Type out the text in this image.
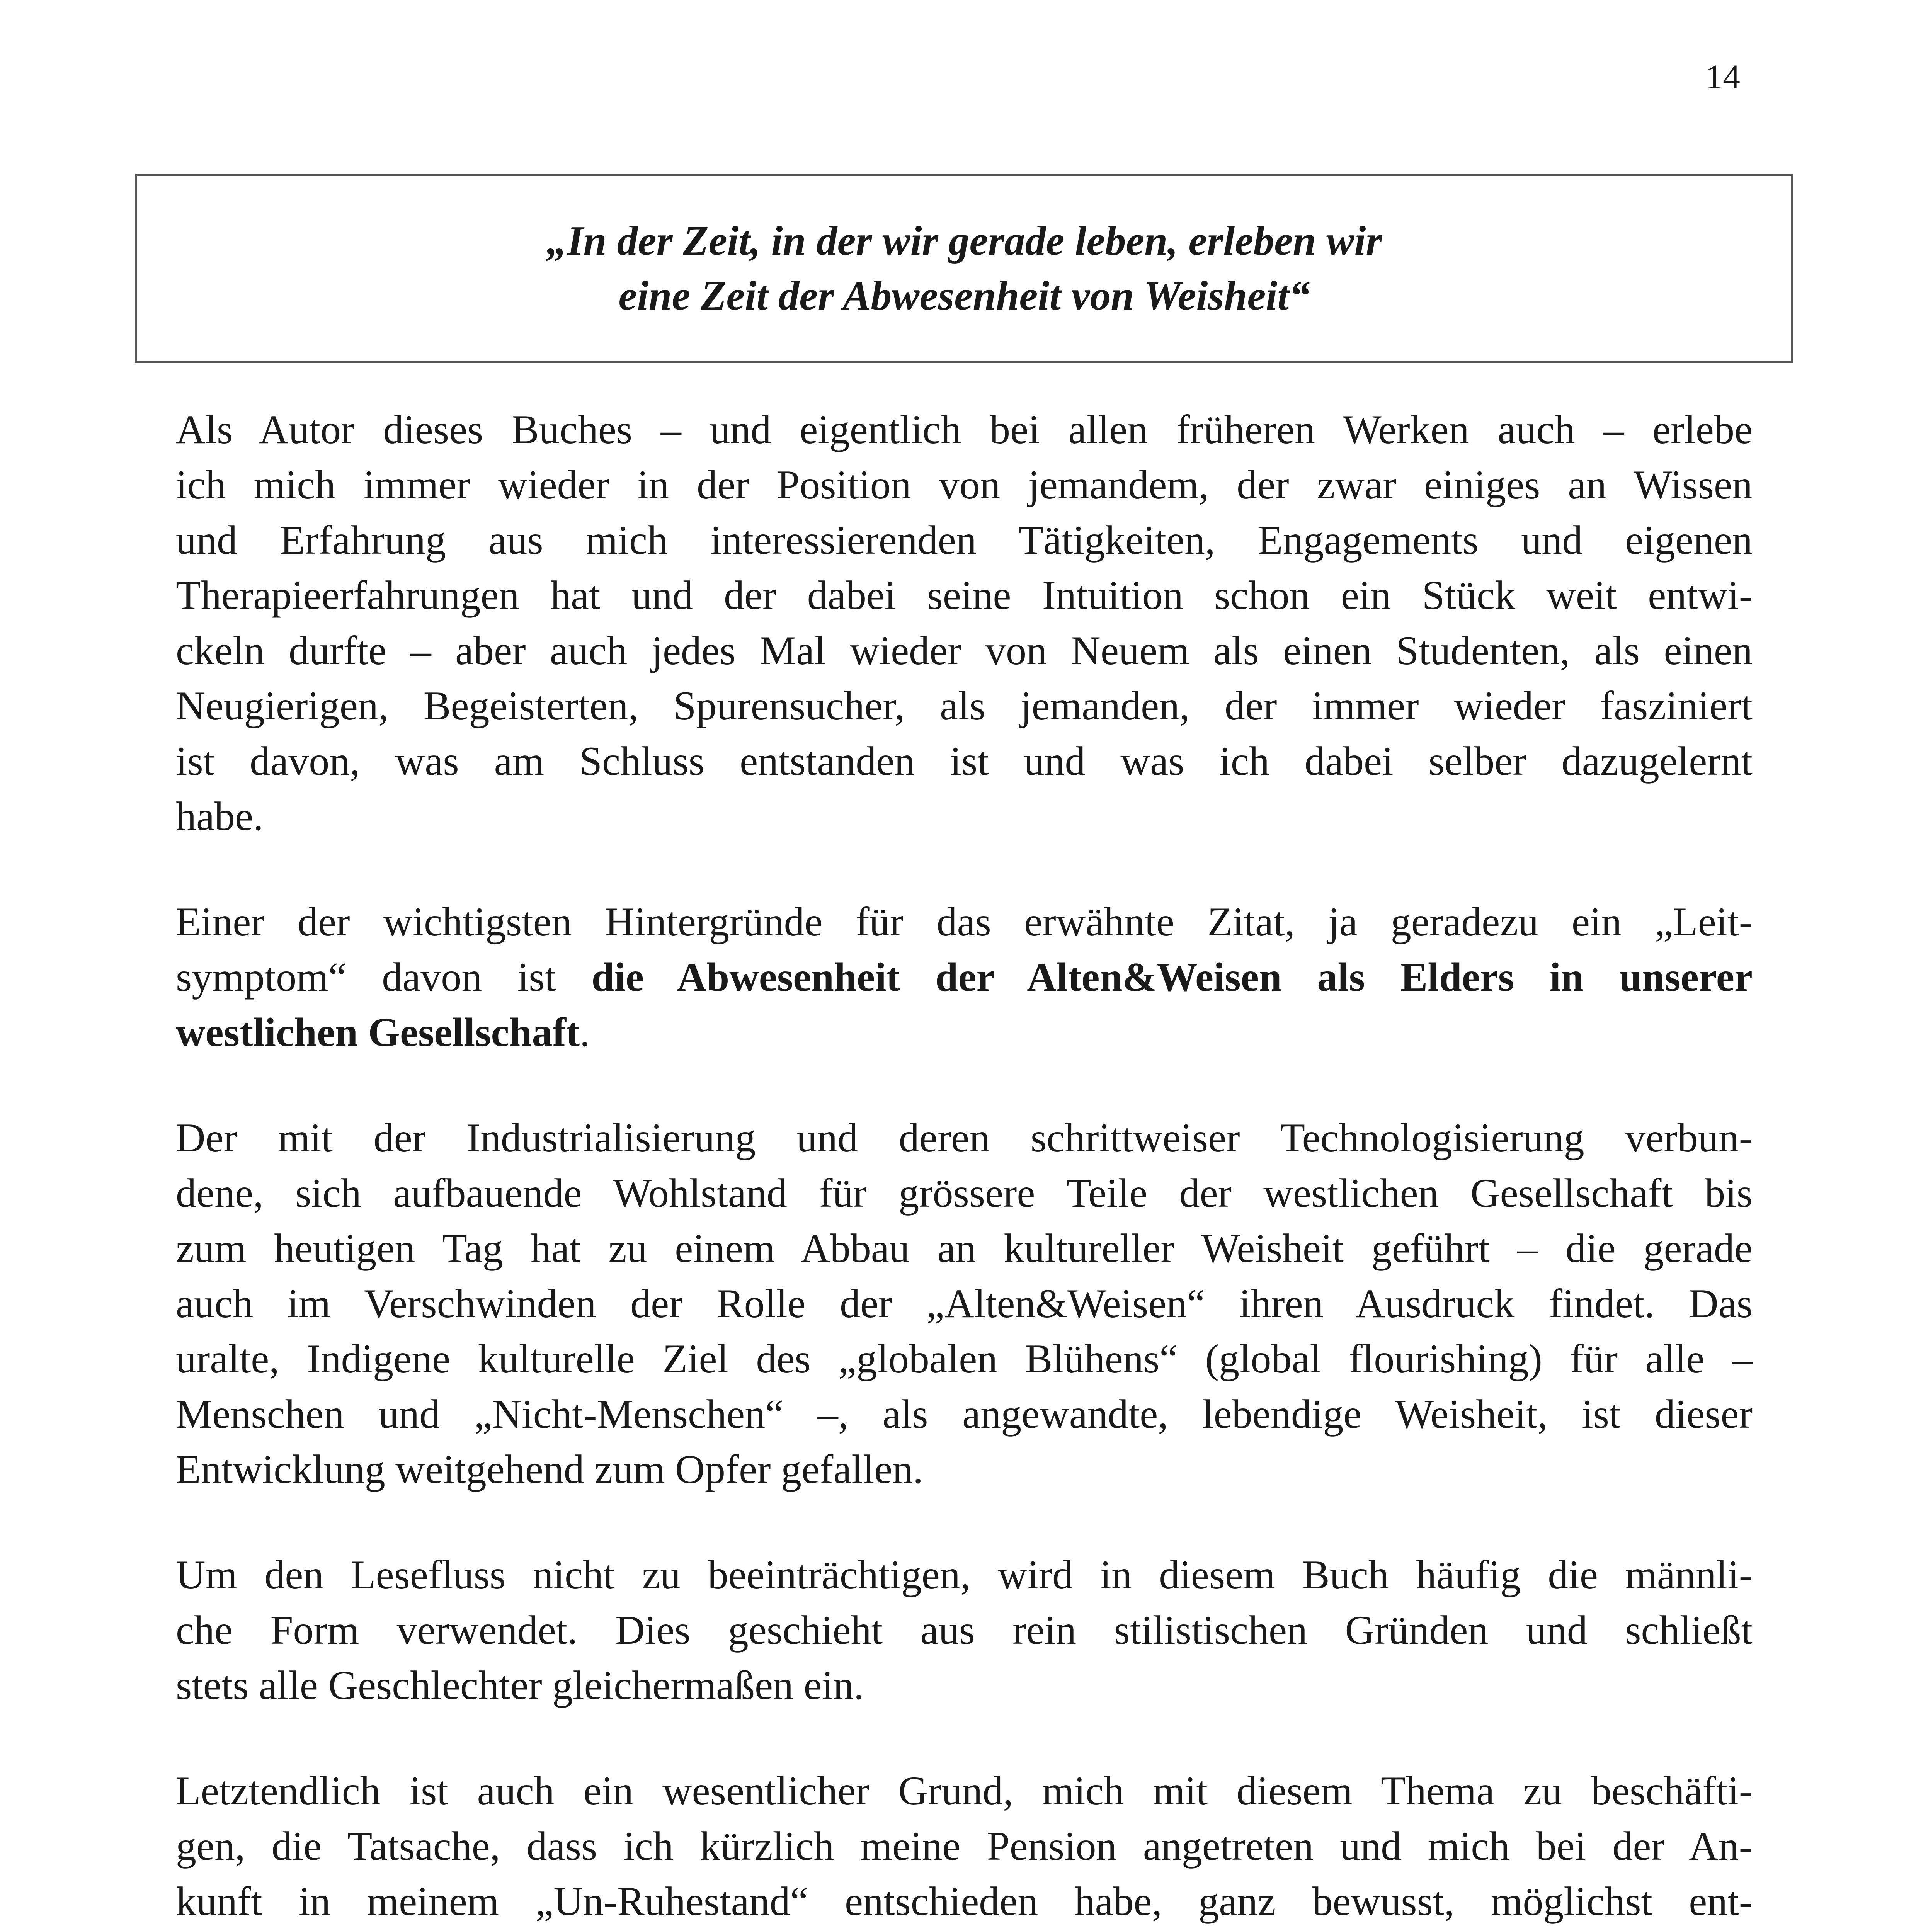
14
„In der Zeit, in der wir gerade leben, erleben wir
eine Zeit der Abwesenheit von Weisheit“
Als Autor dieses Buches – und eigentlich bei allen früheren Werken auch – erlebe
ich mich immer wieder in der Position von jemandem, der zwar einiges an Wissen
und Erfahrung aus mich interessierenden Tätigkeiten, Engagements und eigenen
Therapieerfahrungen hat und der dabei seine Intuition schon ein Stück weit entwi-
ckeln durfte – aber auch jedes Mal wieder von Neuem als einen Studenten, als einen
Neugierigen, Begeisterten, Spurensucher, als jemanden, der immer wieder fasziniert
ist davon, was am Schluss entstanden ist und was ich dabei selber dazugelernt
habe.
Einer der wichtigsten Hintergründe für das erwähnte Zitat, ja geradezu ein „Leit-
symptom“ davon ist die Abwesenheit der Alten&Weisen als Elders in unserer
westlichen Gesellschaft.
Der mit der Industrialisierung und deren schrittweiser Technologisierung verbun-
dene, sich aufbauende Wohlstand für grössere Teile der westlichen Gesellschaft bis
zum heutigen Tag hat zu einem Abbau an kultureller Weisheit geführt – die gerade
auch im Verschwinden der Rolle der „Alten&Weisen“ ihren Ausdruck findet. Das
uralte, Indigene kulturelle Ziel des „globalen Blühens“ (global flourishing) für alle –
Menschen und „Nicht-Menschen“ –, als angewandte, lebendige Weisheit, ist dieser
Entwicklung weitgehend zum Opfer gefallen.
Um den Lesefluss nicht zu beeinträchtigen, wird in diesem Buch häufig die männli-
che Form verwendet. Dies geschieht aus rein stilistischen Gründen und schließt
stets alle Geschlechter gleichermaßen ein.
Letztendlich ist auch ein wesentlicher Grund, mich mit diesem Thema zu beschäfti-
gen, die Tatsache, dass ich kürzlich meine Pension angetreten und mich bei der An-
kunft in meinem „Un-Ruhestand“ entschieden habe, ganz bewusst, möglichst ent-
